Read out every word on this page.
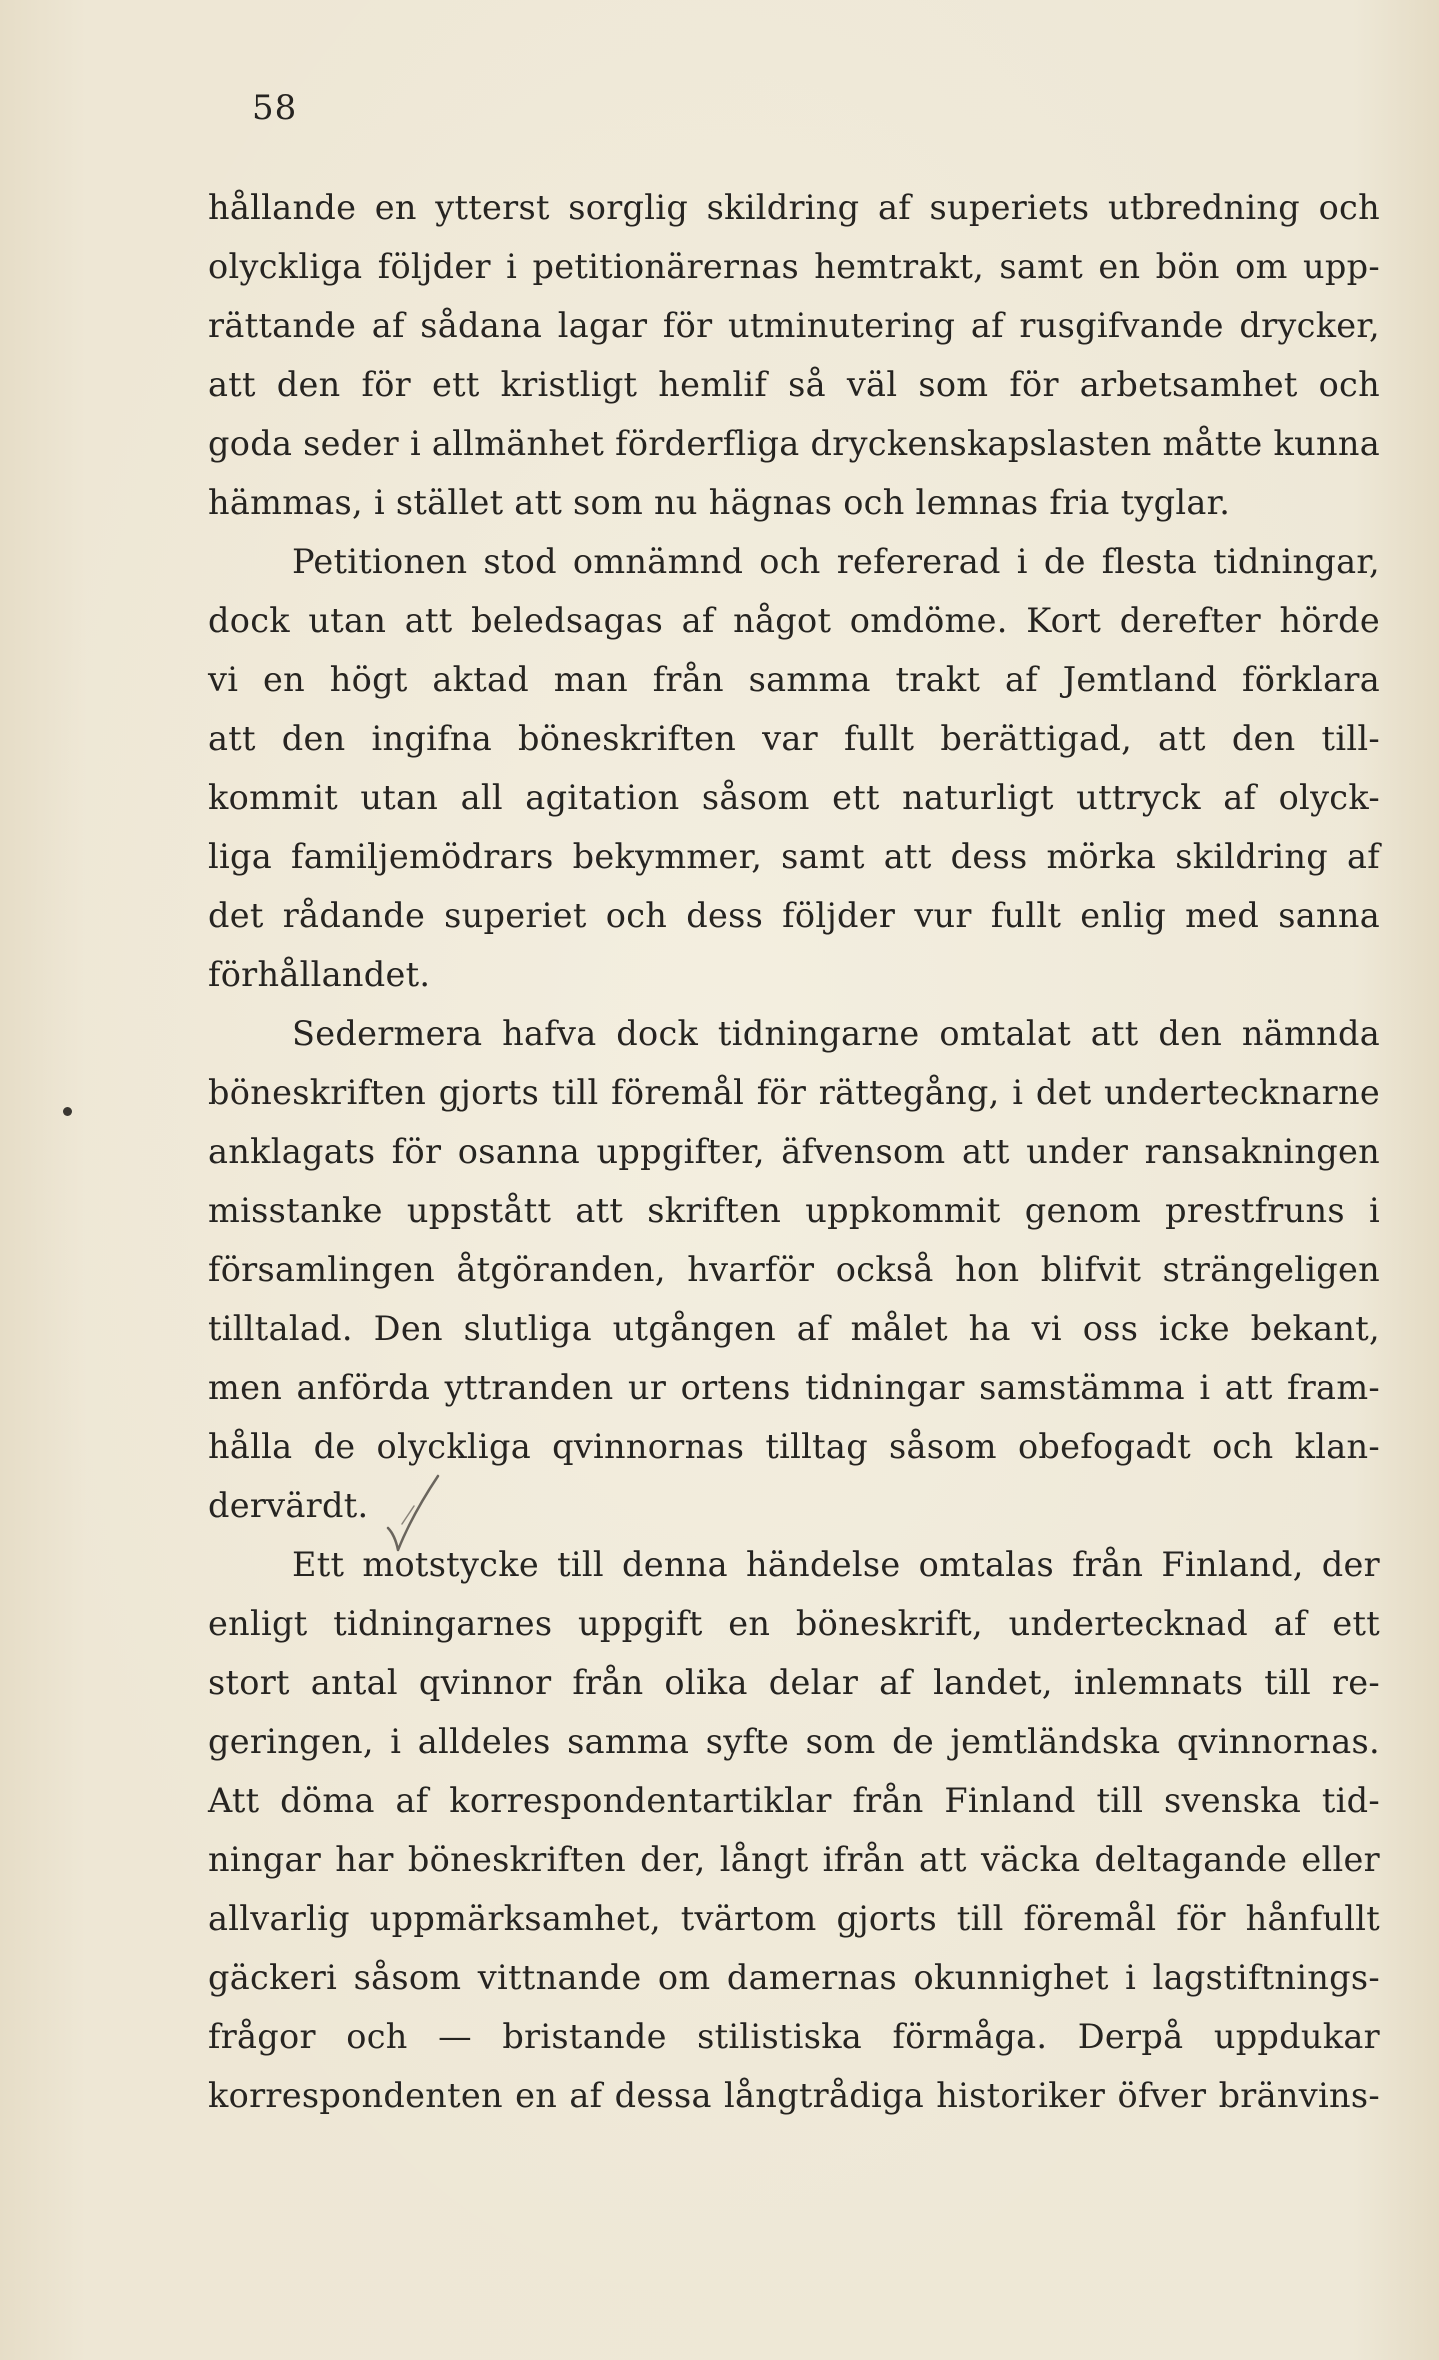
58
hållande en ytterst sorglig skildring af superiets utbredning och
olyckliga följder i petitionärernas hemtrakt, samt en bön om upp-
rättande af sådana lagar för utminutering af rusgifvande drycker,
att den för ett kristligt hemlif så väl som för arbetsamhet och
goda seder i allmänhet förderfliga dryckenskapslasten måtte kunna
hämmas, i stället att som nu hägnas och lemnas fria tyglar.
Petitionen stod omnämnd och refererad i de flesta tidningar,
dock utan att beledsagas af något omdöme. Kort derefter hörde
vi en högt aktad man från samma trakt af Jemtland förklara
att den ingifna böneskriften var fullt berättigad, att den till-
kommit utan all agitation såsom ett naturligt uttryck af olyck-
liga familjemödrars bekymmer, samt att dess mörka skildring af
det rådande superiet och dess följder vur fullt enlig med sanna
förhållandet.
Sedermera hafva dock tidningarne omtalat att den nämnda
böneskriften gjorts till föremål för rättegång, i det undertecknarne
anklagats för osanna uppgifter, äfvensom att under ransakningen
misstanke uppstått att skriften uppkommit genom prestfruns i
församlingen åtgöranden, hvarför också hon blifvit strängeligen
tilltalad. Den slutliga utgången af målet ha vi oss icke bekant,
men anförda yttranden ur ortens tidningar samstämma i att fram-
hålla de olyckliga qvinnornas tilltag såsom obefogadt och klan-
dervärdt.
Ett motstycke till denna händelse omtalas från Finland, der
enligt tidningarnes uppgift en böneskrift, undertecknad af ett
stort antal qvinnor från olika delar af landet, inlemnats till re-
geringen, i alldeles samma syfte som de jemtländska qvinnornas.
Att döma af korrespondentartiklar från Finland till svenska tid-
ningar har böneskriften der, långt ifrån att väcka deltagande eller
allvarlig uppmärksamhet, tvärtom gjorts till föremål för hånfullt
gäckeri såsom vittnande om damernas okunnighet i lagstiftnings-
frågor och — bristande stilistiska förmåga. Derpå uppdukar
korrespondenten en af dessa långtrådiga historiker öfver bränvins-
